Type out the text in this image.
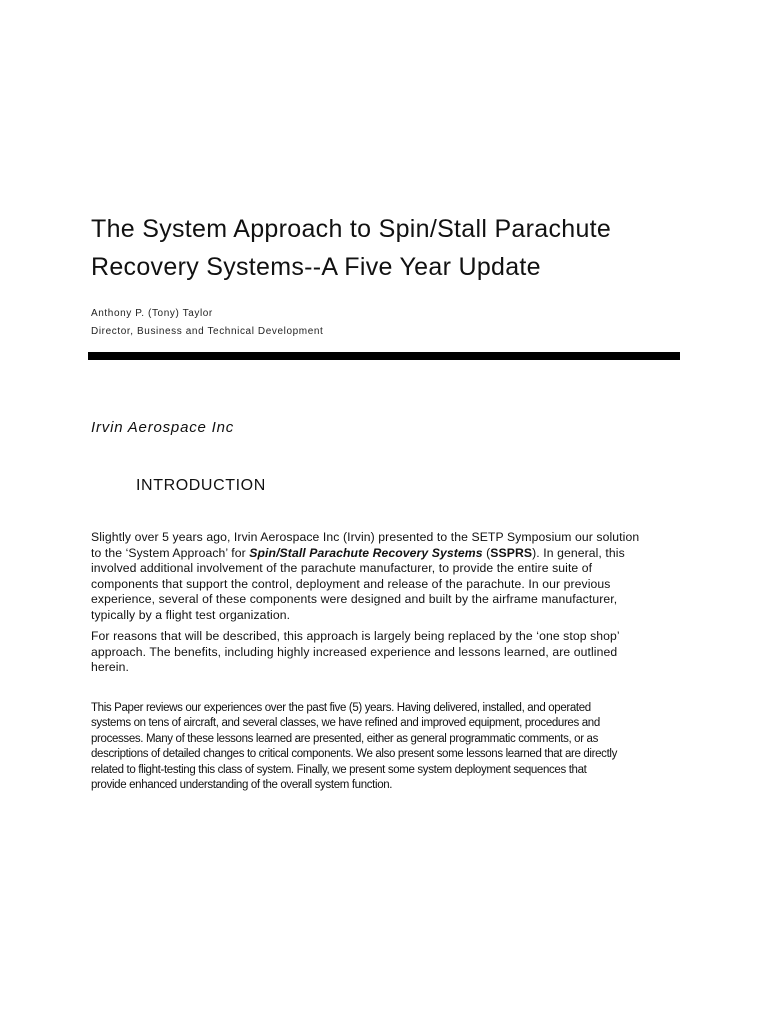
The System Approach to Spin/Stall Parachute
Recovery Systems--A Five Year Update
Anthony P. (Tony) Taylor
Director, Business and Technical Development
Irvin Aerospace Inc
INTRODUCTION

Slightly over 5 years ago, Irvin Aerospace Inc (Irvin) presented to the SETP Symposium our solution
to the ‘System Approach’ for Spin/Stall Parachute Recovery Systems (SSPRS). In general, this
involved additional involvement of the parachute manufacturer, to provide the entire suite of
components that support the control, deployment and release of the parachute. In our previous
experience, several of these components were designed and built by the airframe manufacturer,
typically by a flight test organization.

For reasons that will be described, this approach is largely being replaced by the ‘one stop shop’
approach. The benefits, including highly increased experience and lessons learned, are outlined
herein.

This Paper reviews our experiences over the past five (5) years. Having delivered, installed, and operated
systems on tens of aircraft, and several classes, we have refined and improved equipment, procedures and
processes. Many of these lessons learned are presented, either as general programmatic comments, or as
descriptions of detailed changes to critical components. We also present some lessons learned that are directly
related to flight-testing this class of system. Finally, we present some system deployment sequences that
provide enhanced understanding of the overall system function.
